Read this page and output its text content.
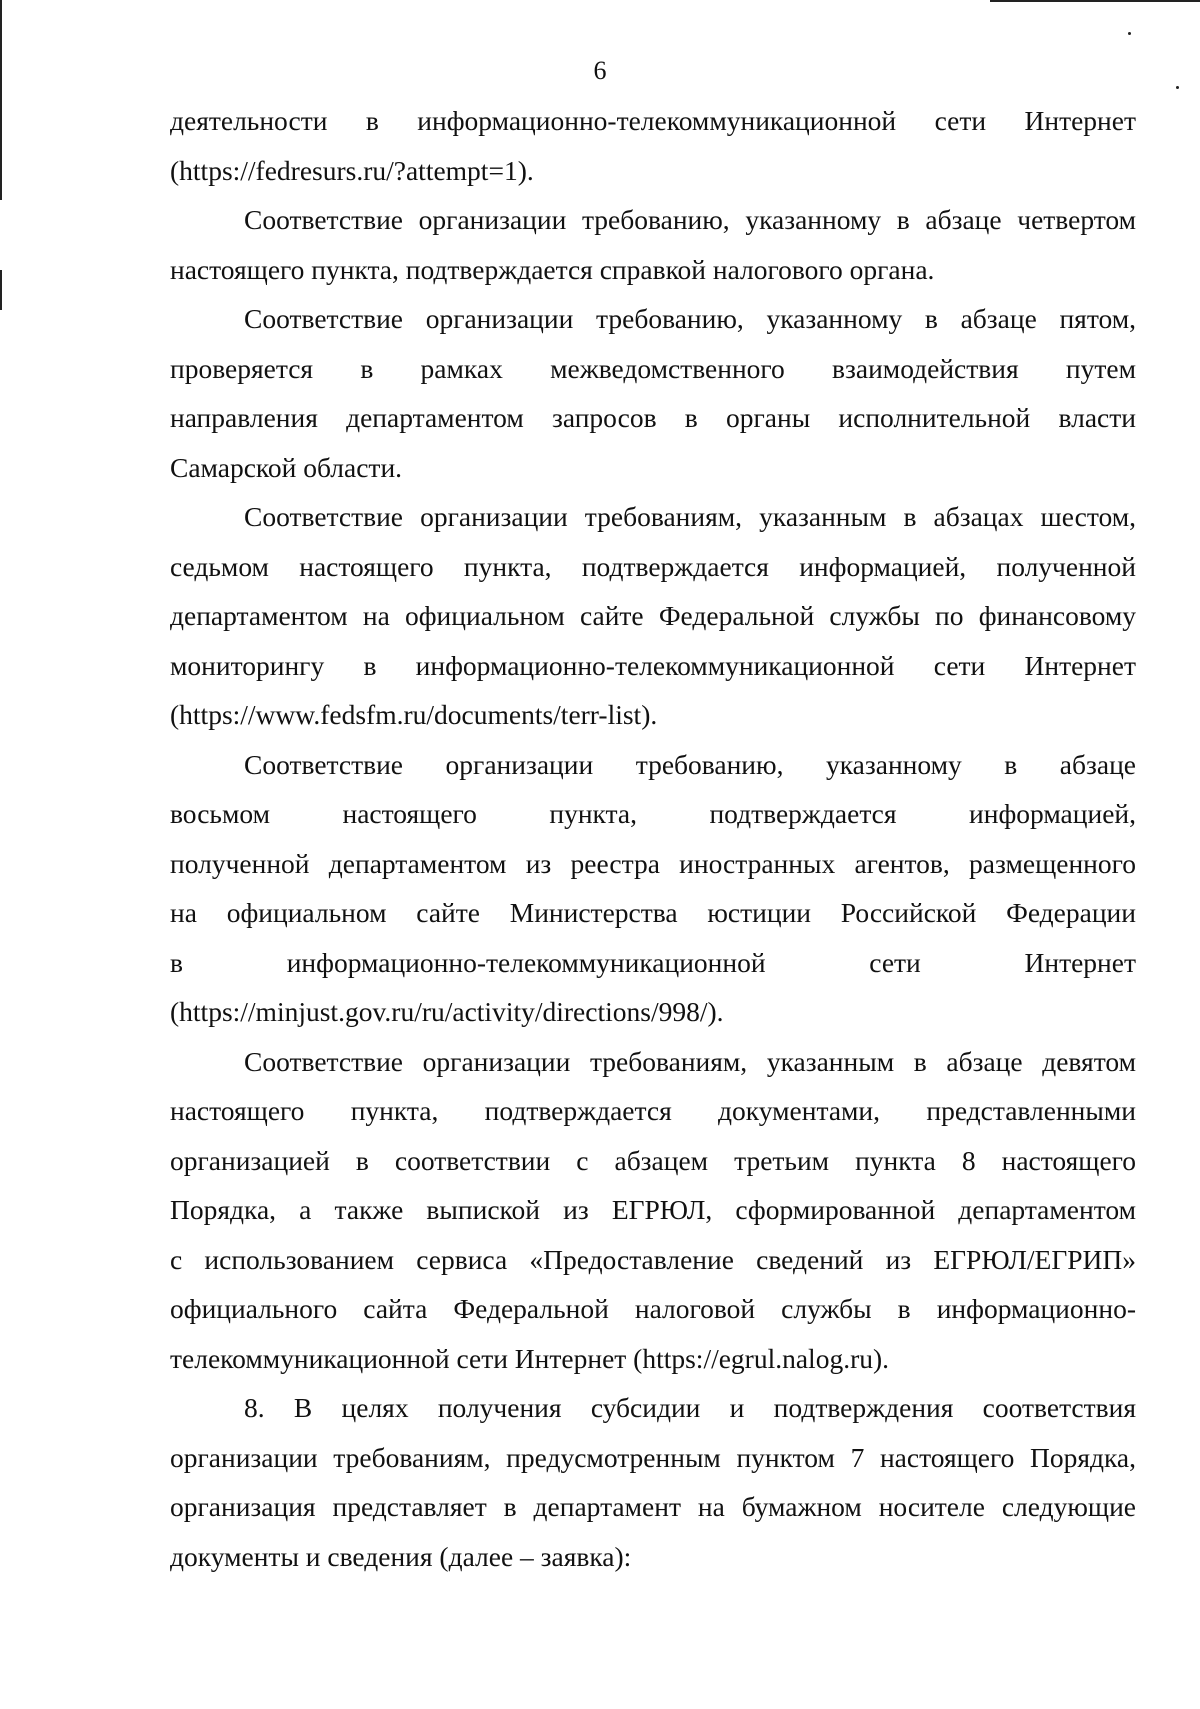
6
деятельности в информационно-телекоммуникационной сети Интернет
(https://fedresurs.ru/?attempt=1).
Соответствие организации требованию, указанному в абзаце четвертом
настоящего пункта, подтверждается справкой налогового органа.
Соответствие организации требованию, указанному в абзаце пятом,
проверяется в рамках межведомственного взаимодействия путем
направления департаментом запросов в органы исполнительной власти
Самарской области.
Соответствие организации требованиям, указанным в абзацах шестом,
седьмом настоящего пункта, подтверждается информацией, полученной
департаментом на официальном сайте Федеральной службы по финансовому
мониторингу в информационно-телекоммуникационной сети Интернет
(https://www.fedsfm.ru/documents/terr-list).
Соответствие организации требованию, указанному в абзаце
восьмом настоящего пункта, подтверждается информацией,
полученной департаментом из реестра иностранных агентов, размещенного
на официальном сайте Министерства юстиции Российской Федерации
в информационно-телекоммуникационной сети Интернет
(https://minjust.gov.ru/ru/activity/directions/998/).
Соответствие организации требованиям, указанным в абзаце девятом
настоящего пункта, подтверждается документами, представленными
организацией в соответствии с абзацем третьим пункта 8 настоящего
Порядка, а также выпиской из ЕГРЮЛ, сформированной департаментом
с использованием сервиса «Предоставление сведений из ЕГРЮЛ/ЕГРИП»
официального сайта Федеральной налоговой службы в информационно-
телекоммуникационной сети Интернет (https://egrul.nalog.ru).
8. В целях получения субсидии и подтверждения соответствия
организации требованиям, предусмотренным пунктом 7 настоящего Порядка,
организация представляет в департамент на бумажном носителе следующие
документы и сведения (далее – заявка):
